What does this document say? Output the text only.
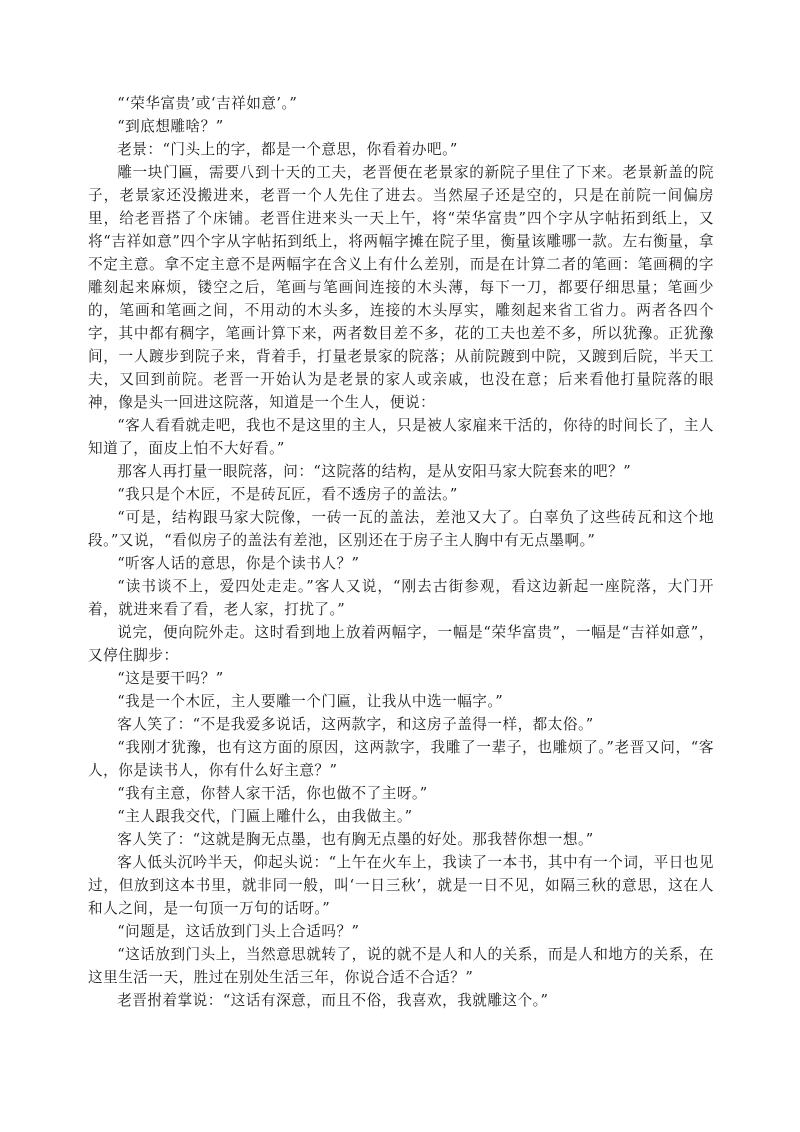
“‘荣华富贵’或‘吉祥如意’。”

“到底想雕啥？”

老景：“门头上的字，都是一个意思，你看着办吧。”

雕一块门匾，需要八到十天的工夫，老晋便在老景家的新院子里住了下来。老景新盖的院子，老景家还没搬进来，老晋一个人先住了进去。当然屋子还是空的，只是在前院一间偏房里，给老晋搭了个床铺。老晋住进来头一天上午，将“荣华富贵”四个字从字帖拓到纸上，又将“吉祥如意”四个字从字帖拓到纸上，将两幅字摊在院子里，衡量该雕哪一款。左右衡量，拿不定主意。拿不定主意不是两幅字在含义上有什么差别，而是在计算二者的笔画：笔画稠的字雕刻起来麻烦，镂空之后，笔画与笔画间连接的木头薄，每下一刀，都要仔细思量；笔画少的，笔画和笔画之间，不用动的木头多，连接的木头厚实，雕刻起来省工省力。两者各四个字，其中都有稠字，笔画计算下来，两者数目差不多，花的工夫也差不多，所以犹豫。正犹豫间，一人踱步到院子来，背着手，打量老景家的院落；从前院踱到中院，又踱到后院，半天工夫，又回到前院。老晋一开始认为是老景的家人或亲戚，也没在意；后来看他打量院落的眼神，像是头一回进这院落，知道是一个生人，便说：

“客人看看就走吧，我也不是这里的主人，只是被人家雇来干活的，你待的时间长了，主人知道了，面皮上怕不大好看。”

那客人再打量一眼院落，问：“这院落的结构，是从安阳马家大院套来的吧？”

“我只是个木匠，不是砖瓦匠，看不透房子的盖法。”

“可是，结构跟马家大院像，一砖一瓦的盖法，差池又大了。白辜负了这些砖瓦和这个地段。”又说，“看似房子的盖法有差池，区别还在于房子主人胸中有无点墨啊。”

“听客人话的意思，你是个读书人？”

“读书谈不上，爱四处走走。”客人又说，“刚去古街参观，看这边新起一座院落，大门开着，就进来看了看，老人家，打扰了。”

说完，便向院外走。这时看到地上放着两幅字，一幅是“荣华富贵”，一幅是“吉祥如意”，又停住脚步：

“这是要干吗？”

“我是一个木匠，主人要雕一个门匾，让我从中选一幅字。”

客人笑了：“不是我爱多说话，这两款字，和这房子盖得一样，都太俗。”

“我刚才犹豫，也有这方面的原因，这两款字，我雕了一辈子，也雕烦了。”老晋又问，“客人，你是读书人，你有什么好主意？”

“我有主意，你替人家干活，你也做不了主呀。”

“主人跟我交代，门匾上雕什么，由我做主。”

客人笑了：“这就是胸无点墨，也有胸无点墨的好处。那我替你想一想。”

客人低头沉吟半天，仰起头说：“上午在火车上，我读了一本书，其中有一个词，平日也见过，但放到这本书里，就非同一般，叫‘一日三秋’，就是一日不见，如隔三秋的意思，这在人和人之间，是一句顶一万句的话呀。”

“问题是，这话放到门头上合适吗？”

“这话放到门头上，当然意思就转了，说的就不是人和人的关系，而是人和地方的关系，在这里生活一天，胜过在别处生活三年，你说合适不合适？”

老晋拊着掌说：“这话有深意，而且不俗，我喜欢，我就雕这个。”
